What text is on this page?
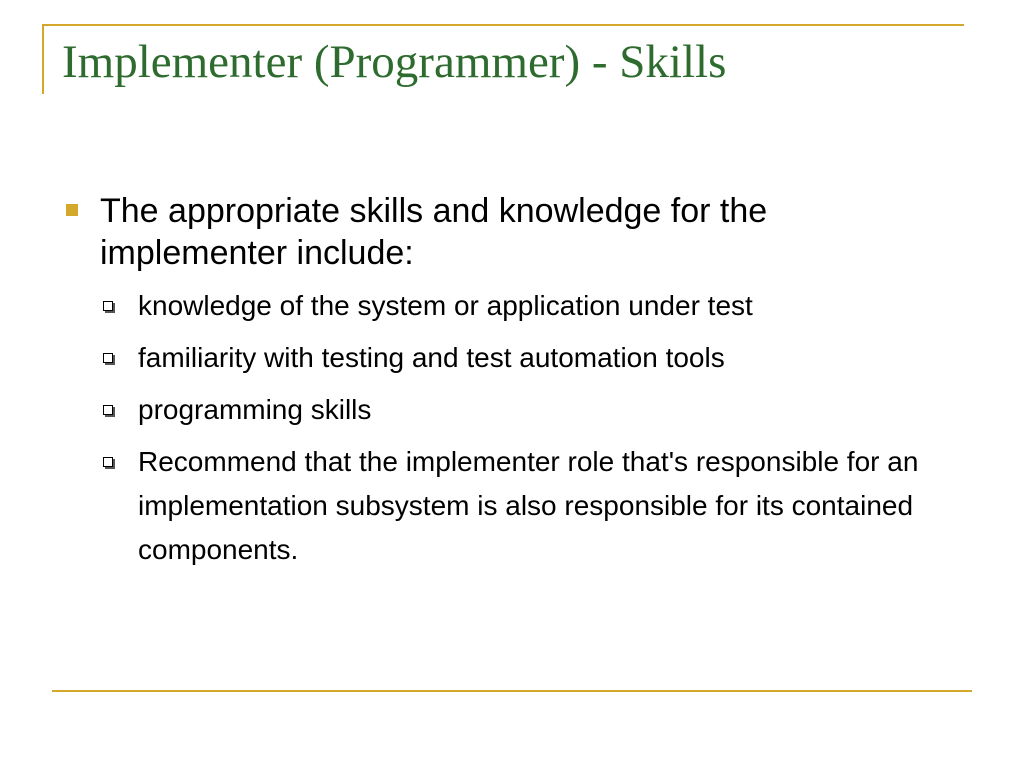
Implementer (Programmer) - Skills
The appropriate skills and knowledge for the implementer include:
knowledge of the system or application under test
familiarity with testing and test automation tools
programming skills
Recommend that the implementer role that's responsible for an implementation subsystem is also responsible for its contained components.
